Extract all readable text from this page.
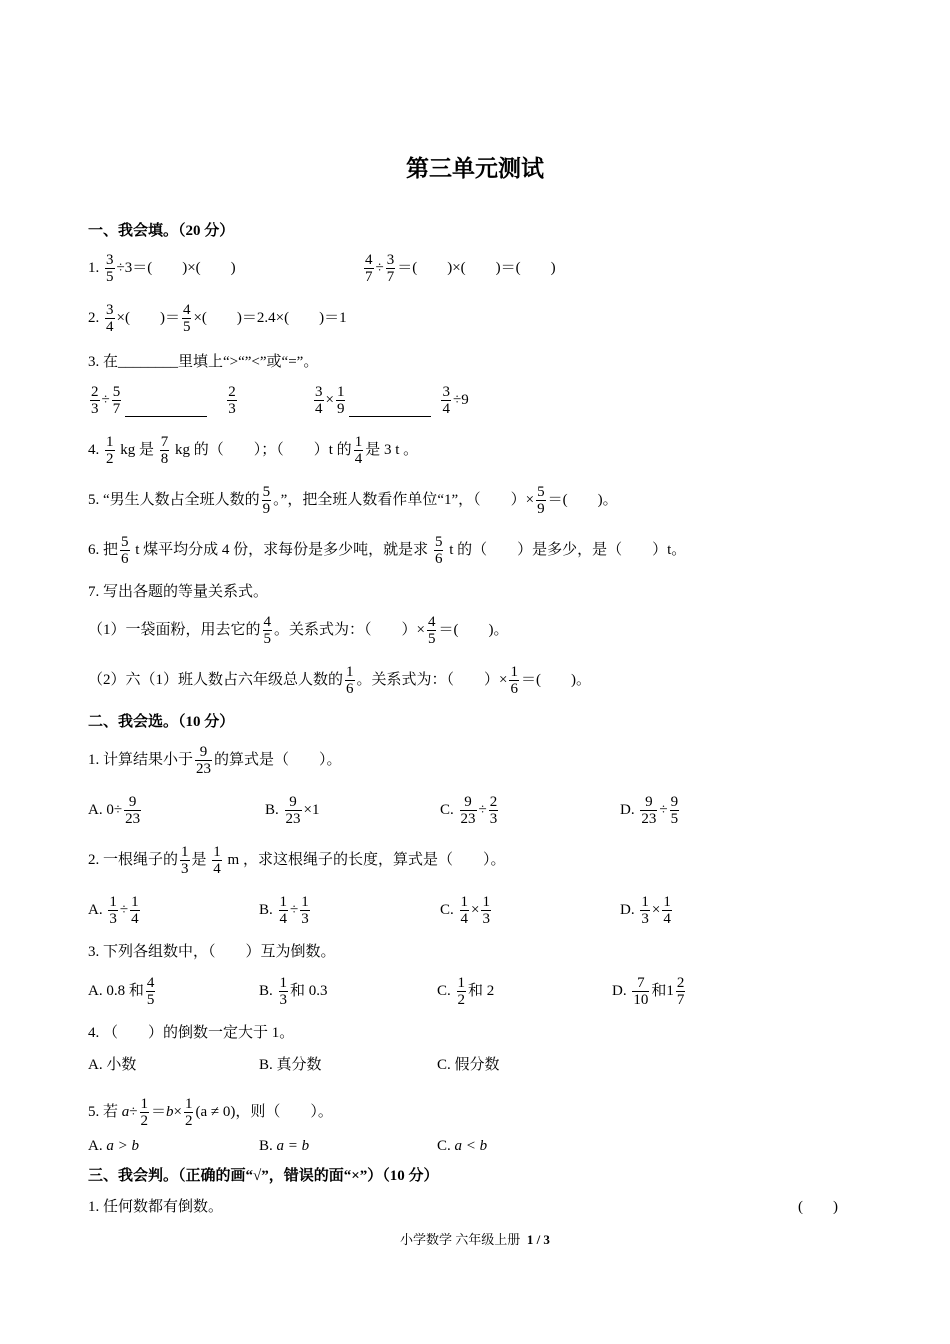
第三单元测试
一、我会填。（20 分）
1. $\frac{3}{5} \div 3=$(　　)×(　　)	$\frac{4}{7} \div \frac{3}{7}$ ＝(　　)×(　　)＝(　　)
2. $\frac{3}{4}$ ×(　　)＝ $\frac{4}{5}$ ×(　　)＝2.4×(　　)＝1
3. 在________里填上“>“”<”或“=”。
$\frac{2}{3} \div \frac{5}{7}$	$\frac{2}{3}$	$\frac{3}{4} \times \frac{1}{9}$	$\frac{3}{4} \div 9$
4. $\frac{1}{2}$ kg 是 $\frac{7}{8}$ kg 的（　　）；（　　）t 的 $\frac{1}{4}$ 是 3 t 。
5. “男生人数占全班人数的 $\frac{5}{9}$ 。”，把全班人数看作单位“1”，（　　）× $\frac{5}{9}$ ＝(　　)。
6. 把 $\frac{5}{6}$ t 煤平均分成 4 份，求每份是多少吨，就是求 $\frac{5}{6}$ t 的（　　）是多少，是（　　）t。
7. 写出各题的等量关系式。
（1）一袋面粉，用去它的 $\frac{4}{5}$ 。关系式为：（　　）× $\frac{4}{5}$ ＝(　　)。
（2）六（1）班人数占六年级总人数的 $\frac{1}{6}$ 。关系式为：（　　）× $\frac{1}{6}$ ＝(　　)。
二、我会选。（10 分）
1. 计算结果小于 $\frac{9}{23}$ 的算式是（　　）。
A. $0\div \frac{9}{23}$	B. $\frac{9}{23} \times 1$	C. $\frac{9}{23} \div \frac{2}{3}$	D. $\frac{9}{23} \div \frac{9}{5}$
2. 一根绳子的 $\frac{1}{3}$ 是 $\frac{1}{4}$ m ，求这根绳子的长度，算式是（　　）。
A. $\frac{1}{3} \div \frac{1}{4}$	B. $\frac{1}{4} \div \frac{1}{3}$	C. $\frac{1}{4} \times \frac{1}{3}$	D. $\frac{1}{3} \times \frac{1}{4}$
3. 下列各组数中，（　　）互为倒数。
A. 0.8 和 $\frac{4}{5}$	B. $\frac{1}{3}$ 和 0.3	C. $\frac{1}{2}$ 和 2	D. $\frac{7}{10}$ 和$1 \frac{2}{7}$
4. （　　）的倒数一定大于 1。
A. 小数	B. 真分数	C. 假分数
5. 若 $a\div \frac{1}{2} =b\times \frac{1}{2} (a \ne 0)$，则（　　）。
A. a > b	B. a = b	C. a < b
三、我会判。（正确的画“√”，错误的面“×”）（10 分）
1. 任何数都有倒数。	(　　)
小学数学 六年级上册 1 / 3
